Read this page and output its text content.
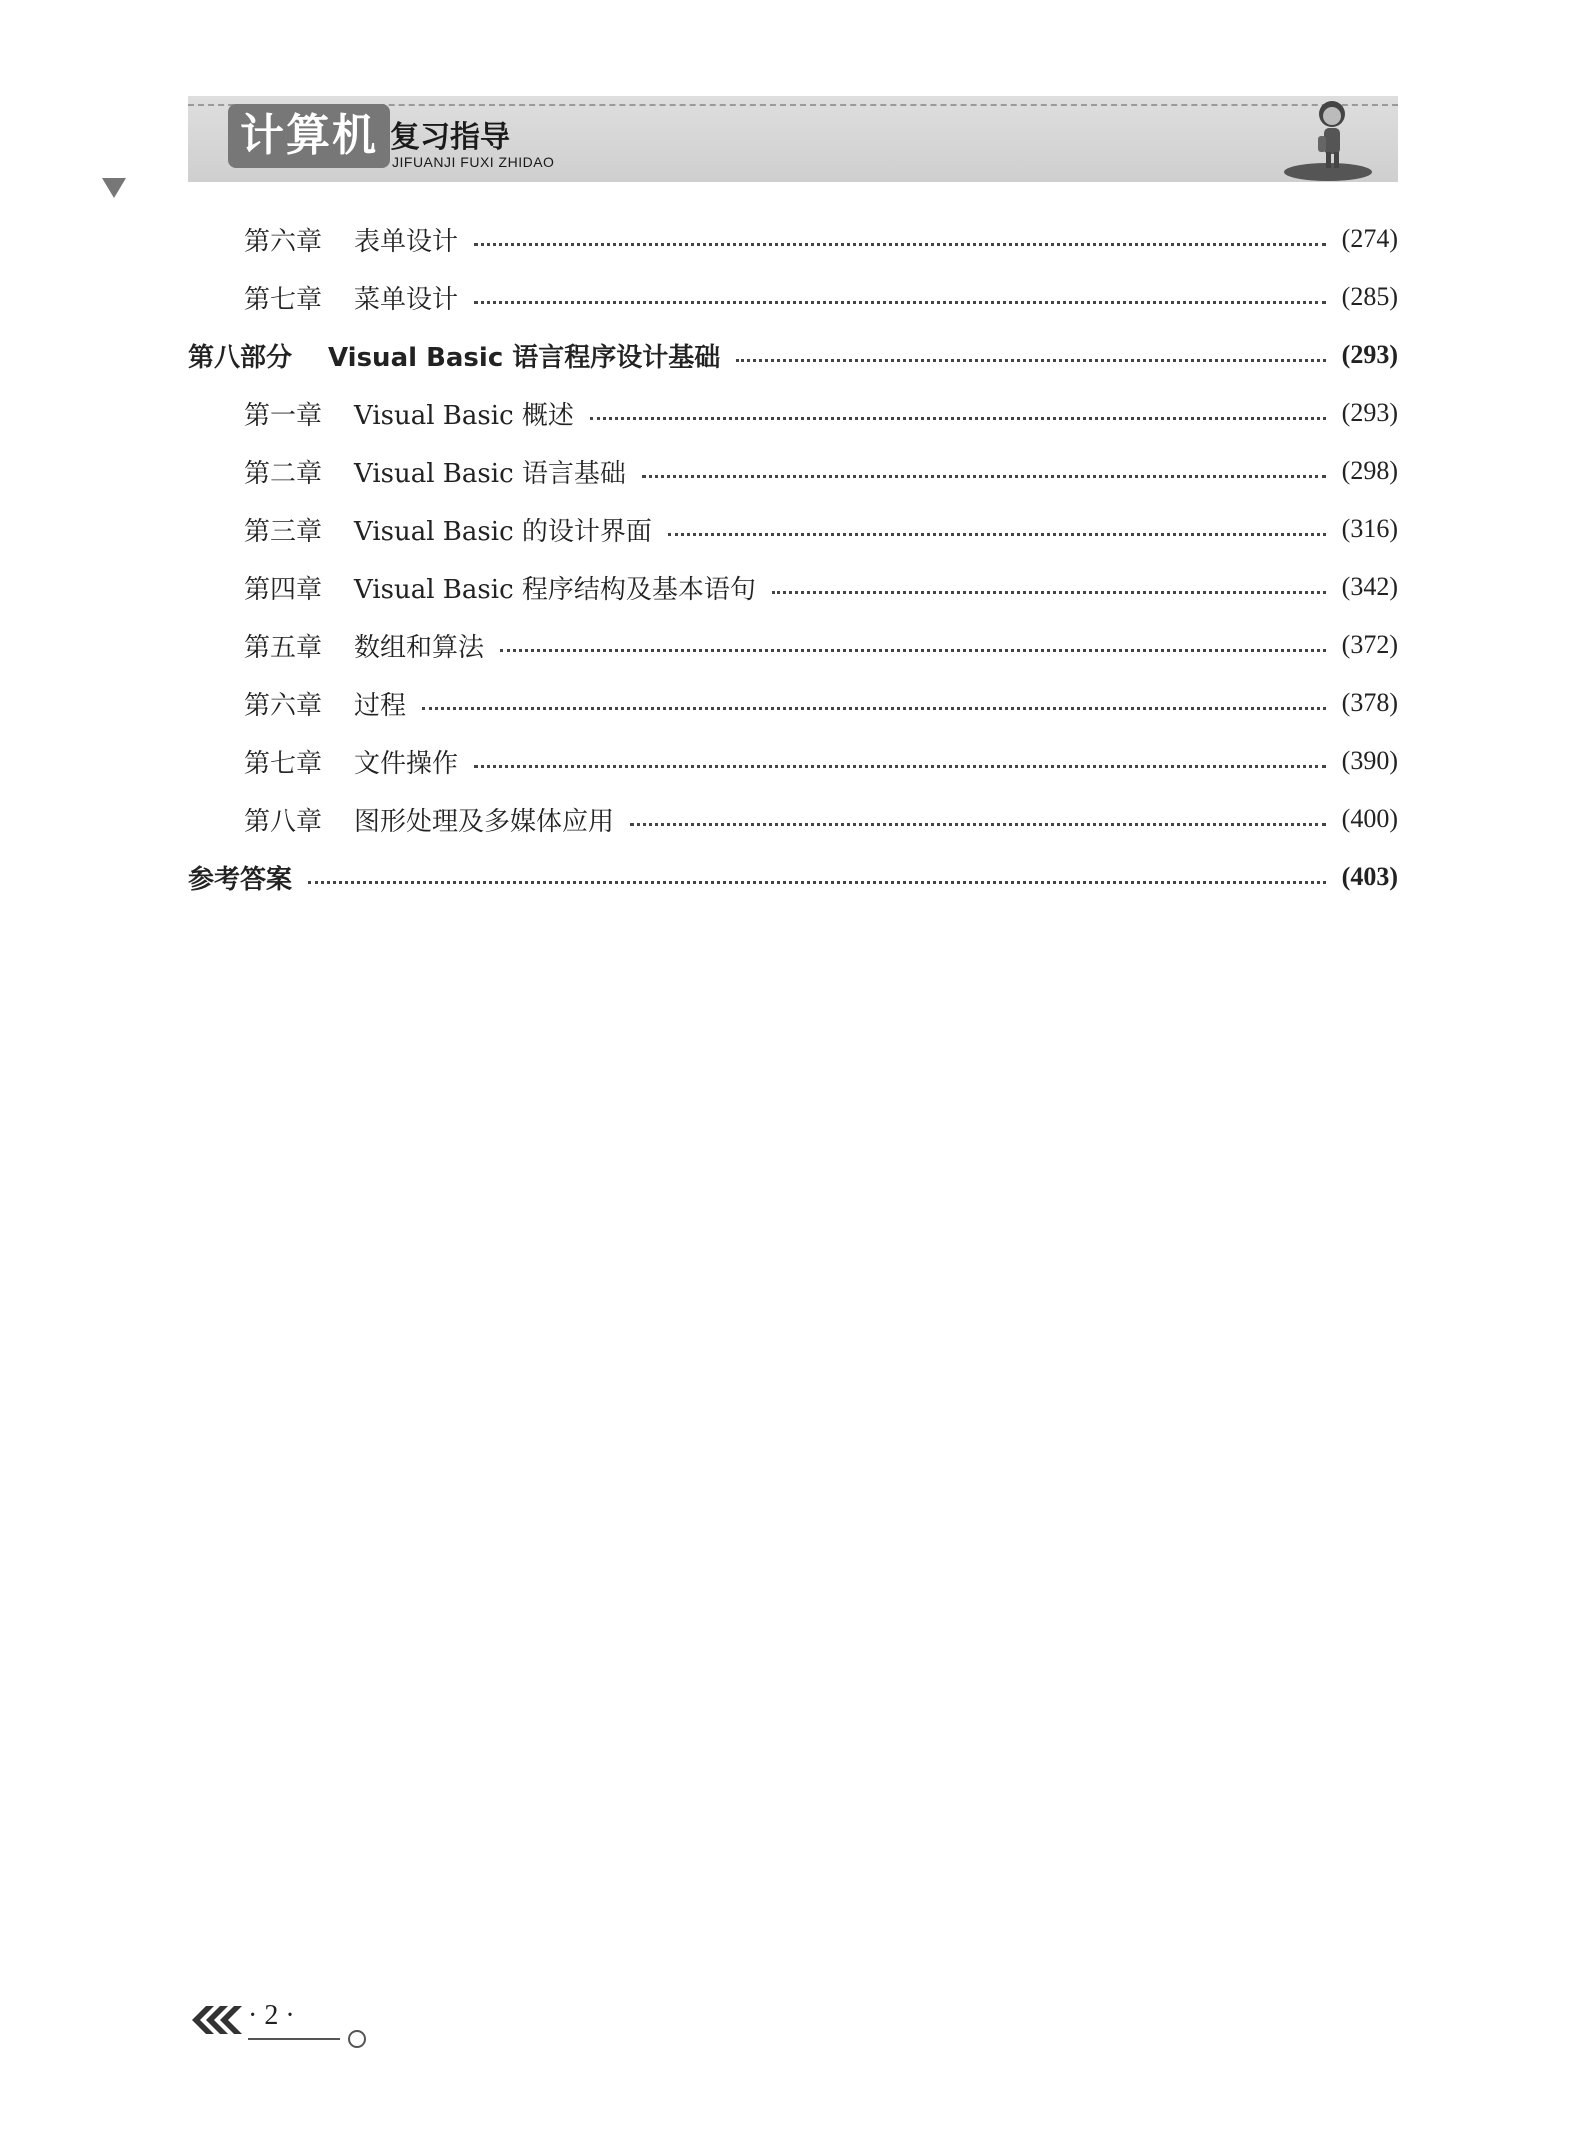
计算机 复习指导
JIFUANJI FUXI ZHIDAO
第六章	表单设计	(274)
第七章	菜单设计	(285)
第八部分	Visual Basic 语言程序设计基础	(293)
第一章	Visual Basic 概述	(293)
第二章	Visual Basic 语言基础	(298)
第三章	Visual Basic 的设计界面	(316)
第四章	Visual Basic 程序结构及基本语句	(342)
第五章	数组和算法	(372)
第六章	过程	(378)
第七章	文件操作	(390)
第八章	图形处理及多媒体应用	(400)
参考答案	(403)
· 2 ·
